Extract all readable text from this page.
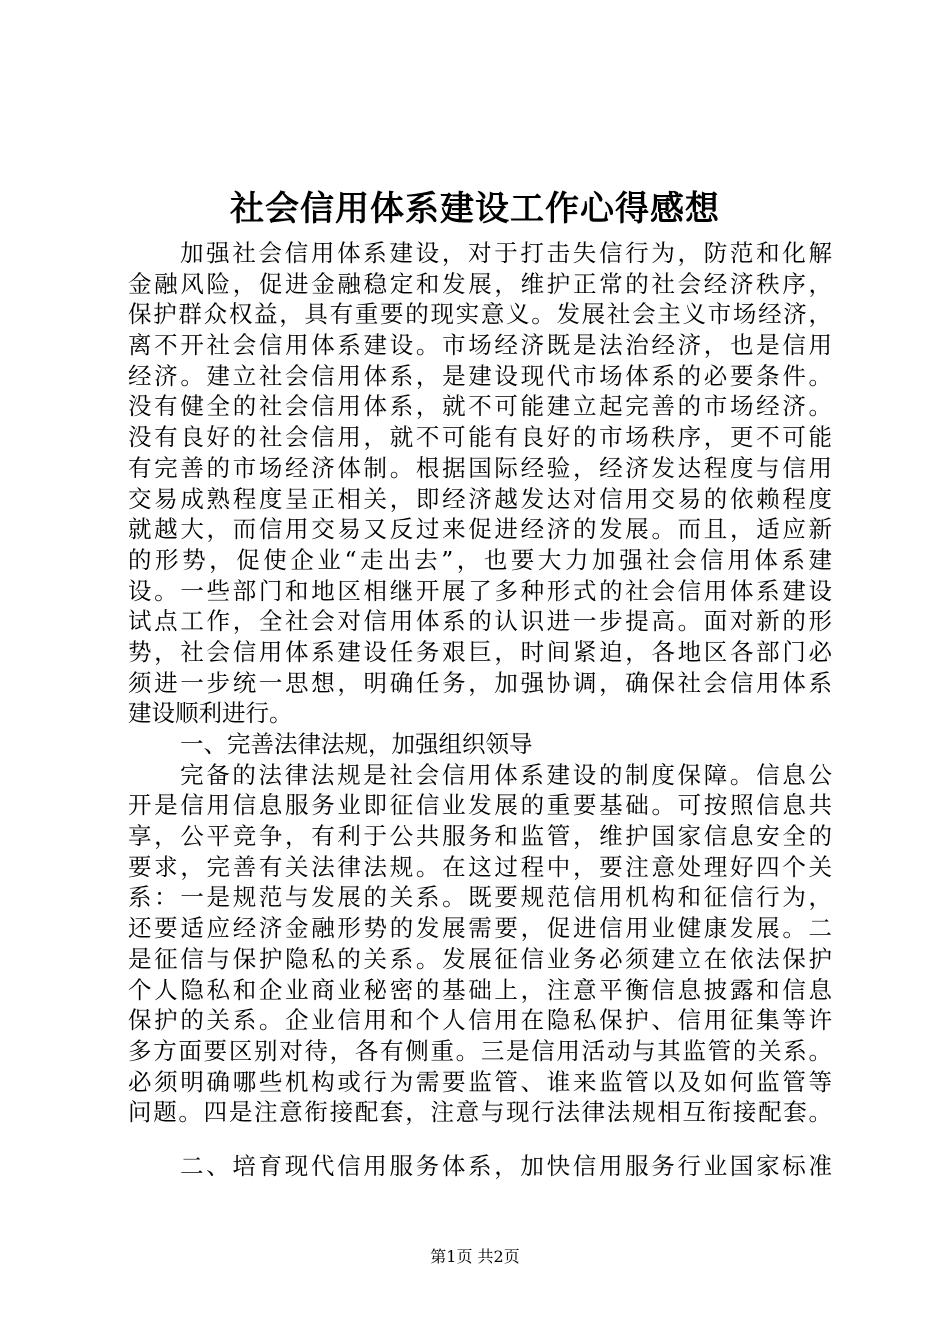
社会信用体系建设工作心得感想
加强社会信用体系建设，对于打击失信行为，防范和化解
金融风险，促进金融稳定和发展，维护正常的社会经济秩序，
保护群众权益，具有重要的现实意义。发展社会主义市场经济，
离不开社会信用体系建设。市场经济既是法治经济，也是信用
经济。建立社会信用体系，是建设现代市场体系的必要条件。
没有健全的社会信用体系，就不可能建立起完善的市场经济。
没有良好的社会信用，就不可能有良好的市场秩序，更不可能
有完善的市场经济体制。根据国际经验，经济发达程度与信用
交易成熟程度呈正相关，即经济越发达对信用交易的依赖程度
就越大，而信用交易又反过来促进经济的发展。而且，适应新
的形势，促使企业“走出去”，也要大力加强社会信用体系建
设。一些部门和地区相继开展了多种形式的社会信用体系建设
试点工作，全社会对信用体系的认识进一步提高。面对新的形
势，社会信用体系建设任务艰巨，时间紧迫，各地区各部门必
须进一步统一思想，明确任务，加强协调，确保社会信用体系
建设顺利进行。
一、完善法律法规，加强组织领导
完备的法律法规是社会信用体系建设的制度保障。信息公
开是信用信息服务业即征信业发展的重要基础。可按照信息共
享，公平竞争，有利于公共服务和监管，维护国家信息安全的
要求，完善有关法律法规。在这过程中，要注意处理好四个关
系：一是规范与发展的关系。既要规范信用机构和征信行为，
还要适应经济金融形势的发展需要，促进信用业健康发展。二
是征信与保护隐私的关系。发展征信业务必须建立在依法保护
个人隐私和企业商业秘密的基础上，注意平衡信息披露和信息
保护的关系。企业信用和个人信用在隐私保护、信用征集等许
多方面要区别对待，各有侧重。三是信用活动与其监管的关系。
必须明确哪些机构或行为需要监管、谁来监管以及如何监管等
问题。四是注意衔接配套，注意与现行法律法规相互衔接配套。
二、培育现代信用服务体系，加快信用服务行业国家标准
第1页 共2页
